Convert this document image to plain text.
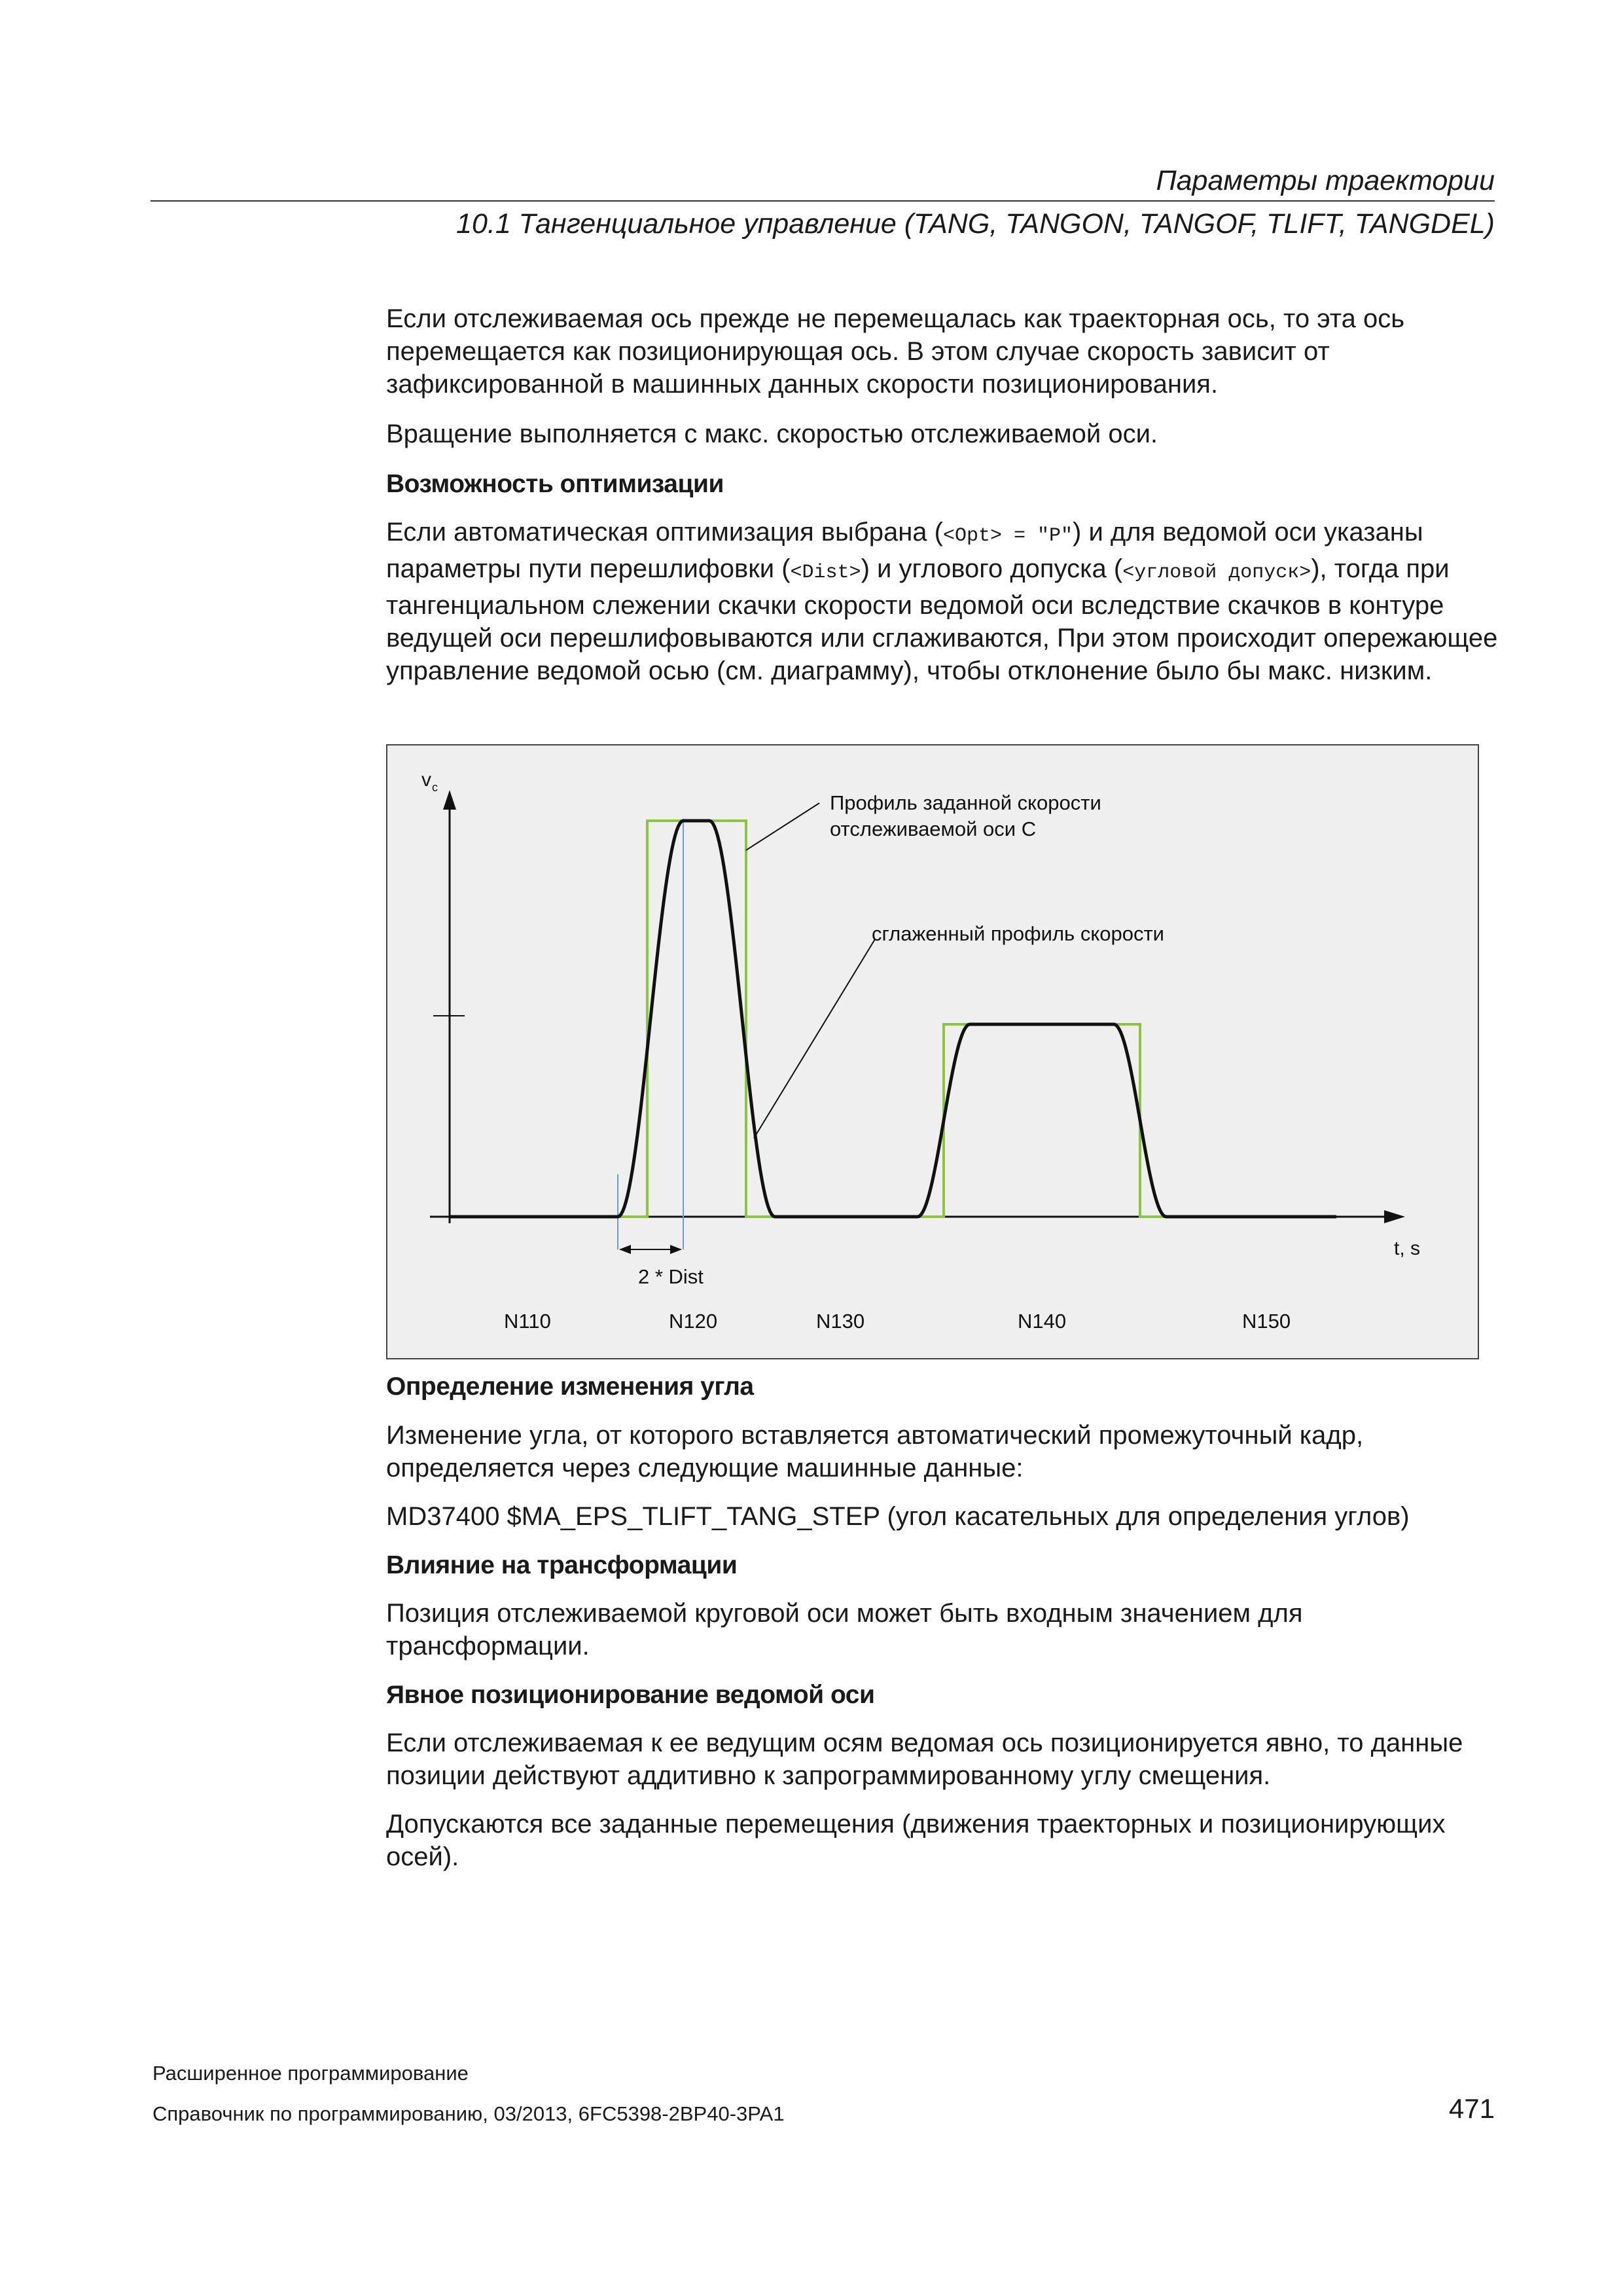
Параметры траектории
10.1 Тангенциальное управление (TANG, TANGON, TANGOF, TLIFT, TANGDEL)

Если отслеживаемая ось прежде не перемещалась как траекторная ось, то эта ось перемещается как позиционирующая ось. В этом случае скорость зависит от зафиксированной в машинных данных скорости позиционирования.

Вращение выполняется с макс. скоростью отслеживаемой оси.

Возможность оптимизации

Если автоматическая оптимизация выбрана (<Opt> = "P") и для ведомой оси указаны параметры пути перешлифовки (<Dist>) и углового допуска (<угловой допуск>), тогда при тангенциальном слежении скачки скорости ведомой оси вследствие скачков в контуре ведущей оси перешлифовываются или сглаживаются, При этом происходит опережающее управление ведомой осью (см. диаграмму), чтобы отклонение было бы макс. низким.

v c
t, s
Профиль заданной скорости
отслеживаемой оси C
сглаженный профиль скорости
2 * Dist
N110	N120	N130	N140	N150

Определение изменения угла

Изменение угла, от которого вставляется автоматический промежуточный кадр, определяется через следующие машинные данные:

MD37400 $MA_EPS_TLIFT_TANG_STEP (угол касательных для определения углов)

Влияние на трансформации

Позиция отслеживаемой круговой оси может быть входным значением для трансформации.

Явное позиционирование ведомой оси

Если отслеживаемая к ее ведущим осям ведомая ось позиционируется явно, то данные позиции действуют аддитивно к запрограммированному углу смещения.

Допускаются все заданные перемещения (движения траекторных и позиционирующих осей).

Расширенное программирование
Справочник по программированию, 03/2013, 6FC5398-2BP40-3PA1	471
